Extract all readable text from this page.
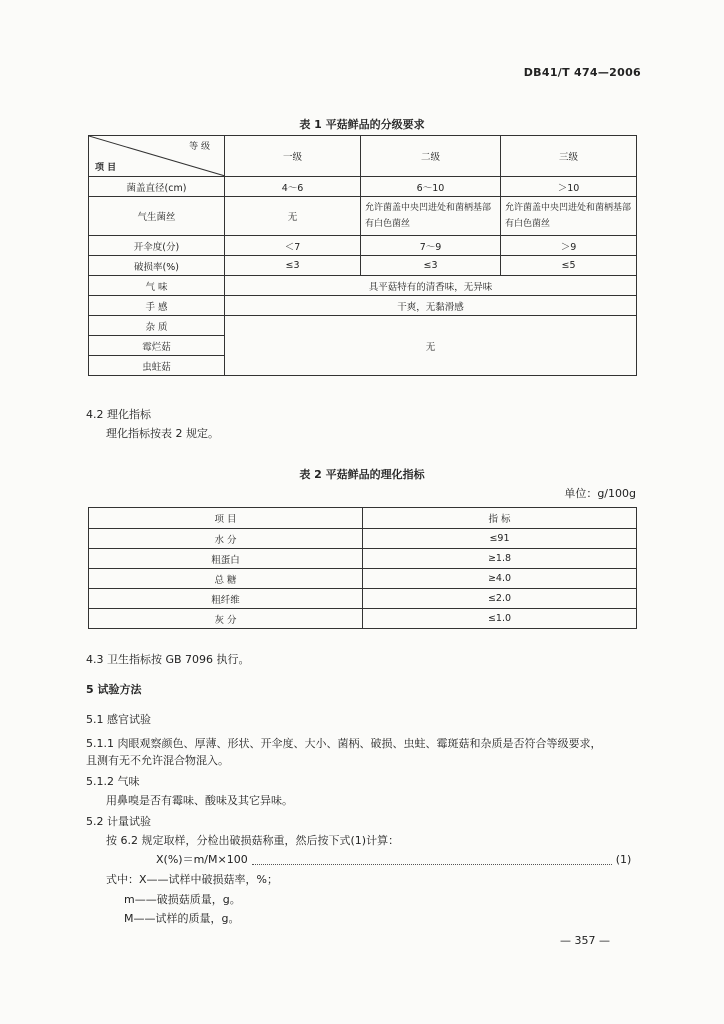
DB41/T 474—2006
表 1 平菇鲜品的分级要求
等 级
项 目	一级	二级	三级
菌盖直径(cm)	4～6	6～10	＞10
气生菌丝	无	允许菌盖中央凹进处和菌柄基部有白色菌丝	允许菌盖中央凹进处和菌柄基部有白色菌丝
开伞度(分)	＜7	7～9	＞9
破损率(%)	≤3	≤3	≤5
气 味	具平菇特有的清香味，无异味		
手 感	干爽，无黏滑感		
杂 质	无		
霉烂菇			
虫蛀菇			
4.2 理化指标
理化指标按表 2 规定。
表 2 平菇鲜品的理化指标
单位：g/100g
项 目	指 标
水 分	≤91
粗蛋白	≥1.8
总 糖	≥4.0
粗纤维	≤2.0
灰 分	≤1.0
4.3 卫生指标按 GB 7096 执行。
5 试验方法
5.1 感官试验
5.1.1 肉眼观察颜色、厚薄、形状、开伞度、大小、菌柄、破损、虫蛀、霉斑菇和杂质是否符合等级要求，
且测有无不允许混合物混入。
5.1.2 气味
用鼻嗅是否有霉味、酸味及其它异味。
5.2 计量试验
按 6.2 规定取样，分检出破损菇称重，然后按下式(1)计算：
X(%)＝m/M×100	(1)
式中：X——试样中破损菇率，%；
m——破损菇质量，g。
M——试样的质量，g。
— 357 —
